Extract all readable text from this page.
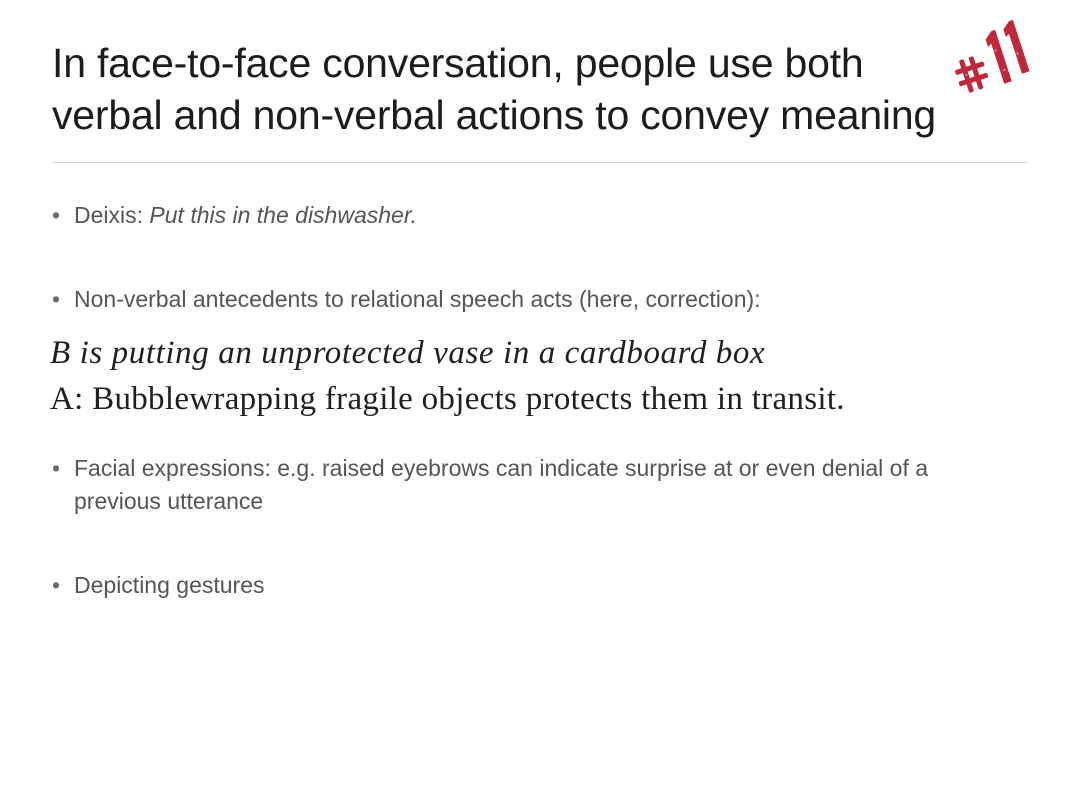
In face-to-face conversation, people use both
verbal and non-verbal actions to convey meaning
• Deixis: Put this in the dishwasher.
• Non-verbal antecedents to relational speech acts (here, correction):
B is putting an unprotected vase in a cardboard box
A: Bubblewrapping fragile objects protects them in transit.
• Facial expressions: e.g. raised eyebrows can indicate surprise at or even denial of a previous utterance
• Depicting gestures
